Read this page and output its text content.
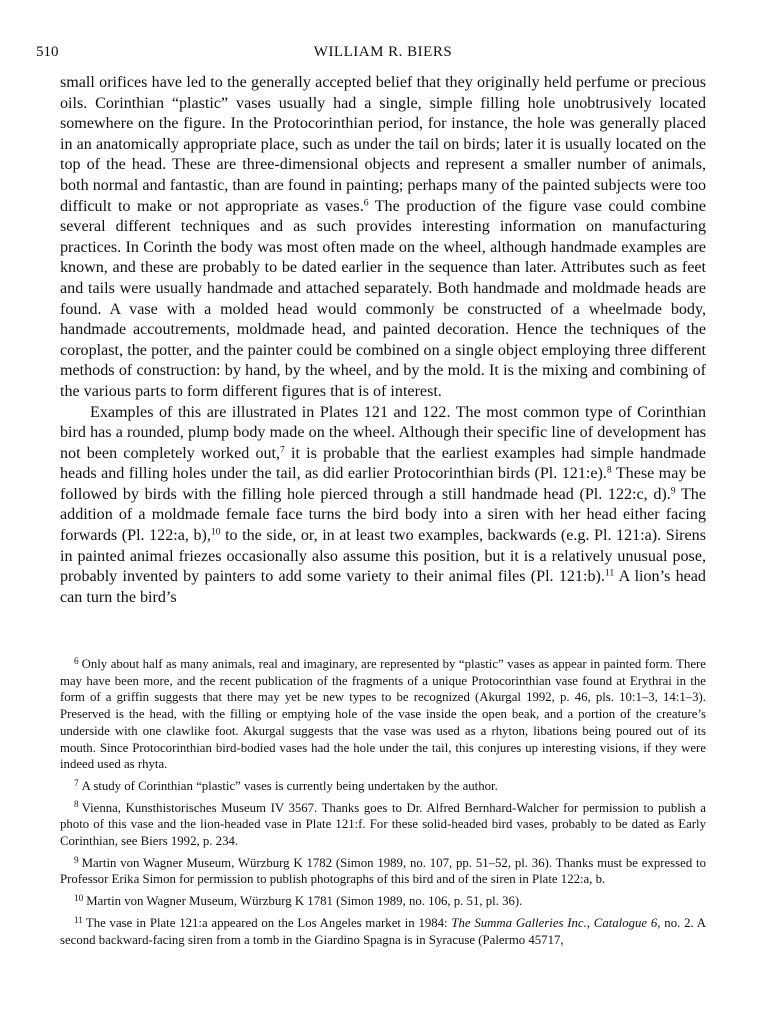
510	WILLIAM R. BIERS

small orifices have led to the generally accepted belief that they originally held perfume or precious oils. Corinthian “plastic” vases usually had a single, simple filling hole unobtrusively located somewhere on the figure. In the Protocorinthian period, for instance, the hole was generally placed in an anatomically appropriate place, such as under the tail on birds; later it is usually located on the top of the head. These are three-dimensional objects and represent a smaller number of animals, both normal and fantastic, than are found in painting; perhaps many of the painted subjects were too difficult to make or not appropriate as vases.$^6$ The production of the figure vase could combine several different techniques and as such provides interesting information on manufacturing practices. In Corinth the body was most often made on the wheel, although handmade examples are known, and these are probably to be dated earlier in the sequence than later. Attributes such as feet and tails were usually handmade and attached separately. Both handmade and moldmade heads are found. A vase with a molded head would commonly be constructed of a wheelmade body, handmade accoutrements, moldmade head, and painted decoration. Hence the techniques of the coroplast, the potter, and the painter could be combined on a single object employing three different methods of construction: by hand, by the wheel, and by the mold. It is the mixing and combining of the various parts to form different figures that is of interest.

Examples of this are illustrated in Plates 121 and 122. The most common type of Corinthian bird has a rounded, plump body made on the wheel. Although their specific line of development has not been completely worked out,$^7$ it is probable that the earliest examples had simple handmade heads and filling holes under the tail, as did earlier Protocorinthian birds (Pl. 121:e).$^8$ These may be followed by birds with the filling hole pierced through a still handmade head (Pl. 122:c, d).$^9$ The addition of a moldmade female face turns the bird body into a siren with her head either facing forwards (Pl. 122:a, b),$^{10}$ to the side, or, in at least two examples, backwards (e.g. Pl. 121:a). Sirens in painted animal friezes occasionally also assume this position, but it is a relatively unusual pose, probably invented by painters to add some variety to their animal files (Pl. 121:b).$^{11}$ A lion’s head can turn the bird’s

$^6$ Only about half as many animals, real and imaginary, are represented by “plastic” vases as appear in painted form. There may have been more, and the recent publication of the fragments of a unique Protocorinthian vase found at Erythrai in the form of a griffin suggests that there may yet be new types to be recognized (Akurgal 1992, p. 46, pls. 10:1–3, 14:1–3). Preserved is the head, with the filling or emptying hole of the vase inside the open beak, and a portion of the creature’s underside with one clawlike foot. Akurgal suggests that the vase was used as a rhyton, libations being poured out of its mouth. Since Protocorinthian bird-bodied vases had the hole under the tail, this conjures up interesting visions, if they were indeed used as rhyta.

$^7$ A study of Corinthian “plastic” vases is currently being undertaken by the author.

$^8$ Vienna, Kunsthistorisches Museum IV 3567. Thanks goes to Dr. Alfred Bernhard-Walcher for permission to publish a photo of this vase and the lion-headed vase in Plate 121:f. For these solid-headed bird vases, probably to be dated as Early Corinthian, see Biers 1992, p. 234.

$^9$ Martin von Wagner Museum, Würzburg K 1782 (Simon 1989, no. 107, pp. 51–52, pl. 36). Thanks must be expressed to Professor Erika Simon for permission to publish photographs of this bird and of the siren in Plate 122:a, b.

$^{10}$ Martin von Wagner Museum, Würzburg K 1781 (Simon 1989, no. 106, p. 51, pl. 36).

$^{11}$ The vase in Plate 121:a appeared on the Los Angeles market in 1984: The Summa Galleries Inc., Catalogue 6, no. 2. A second backward-facing siren from a tomb in the Giardino Spagna is in Syracuse (Palermo 45717,
